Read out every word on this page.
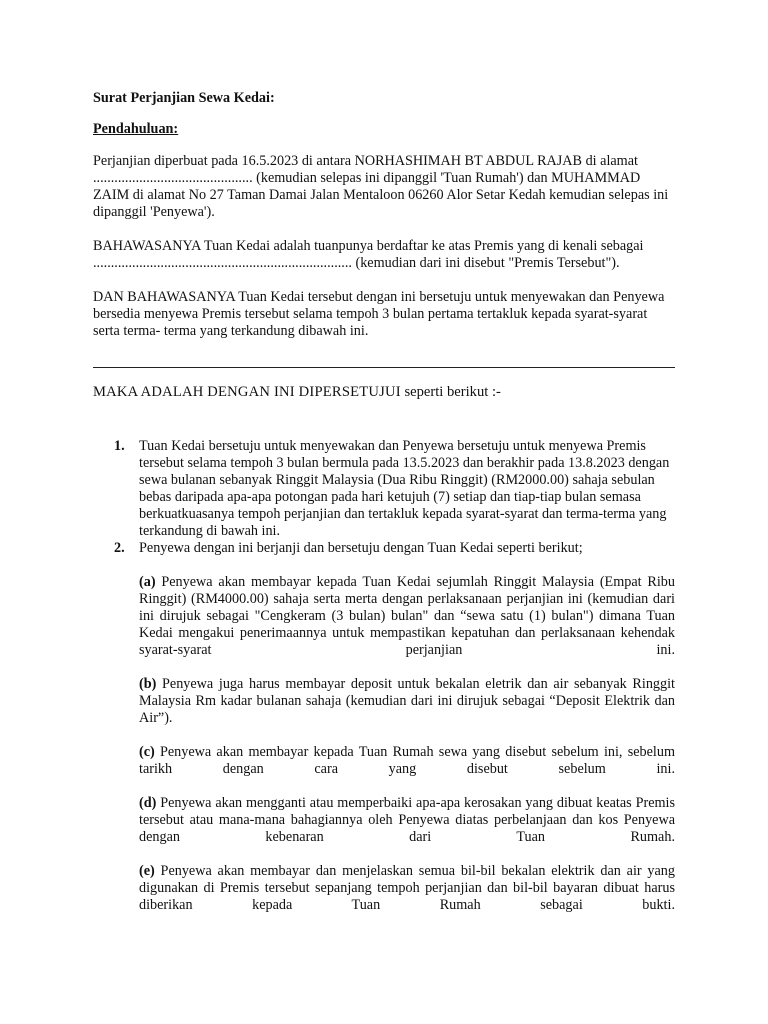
Surat Perjanjian Sewa Kedai:

Pendahuluan:

Perjanjian diperbuat pada 16.5.2023 di antara NORHASHIMAH BT ABDUL RAJAB di alamat ............................................. (kemudian selepas ini dipanggil 'Tuan Rumah') dan MUHAMMAD ZAIM di alamat No 27 Taman Damai Jalan Mentaloon 06260 Alor Setar Kedah kemudian selepas ini dipanggil 'Penyewa').

BAHAWASANYA Tuan Kedai adalah tuanpunya berdaftar ke atas Premis yang di kenali sebagai ......................................................................... (kemudian dari ini disebut "Premis Tersebut").

DAN BAHAWASANYA Tuan Kedai tersebut dengan ini bersetuju untuk menyewakan dan Penyewa bersedia menyewa Premis tersebut selama tempoh 3 bulan pertama tertakluk kepada syarat-syarat serta terma- terma yang terkandung dibawah ini.

MAKA ADALAH DENGAN INI DIPERSETUJUI seperti berikut :-

1. Tuan Kedai bersetuju untuk menyewakan dan Penyewa bersetuju untuk menyewa Premis tersebut selama tempoh 3 bulan bermula pada 13.5.2023 dan berakhir pada 13.8.2023 dengan sewa bulanan sebanyak Ringgit Malaysia (Dua Ribu Ringgit) (RM2000.00) sahaja sebulan bebas daripada apa-apa potongan pada hari ketujuh (7) setiap dan tiap-tiap bulan semasa berkuatkuasanya tempoh perjanjian dan tertakluk kepada syarat-syarat dan terma-terma yang terkandung di bawah ini.
2. Penyewa dengan ini berjanji dan bersetuju dengan Tuan Kedai seperti berikut;

(a) Penyewa akan membayar kepada Tuan Kedai sejumlah Ringgit Malaysia (Empat Ribu Ringgit) (RM4000.00) sahaja serta merta dengan perlaksanaan perjanjian ini (kemudian dari ini dirujuk sebagai "Cengkeram (3 bulan) bulan" dan “sewa satu (1) bulan") dimana Tuan Kedai mengakui penerimaannya untuk mempastikan kepatuhan dan perlaksanaan kehendak syarat-syarat perjanjian ini.

(b) Penyewa juga harus membayar deposit untuk bekalan eletrik dan air sebanyak Ringgit Malaysia Rm kadar bulanan sahaja (kemudian dari ini dirujuk sebagai “Deposit Elektrik dan Air”).

(c) Penyewa akan membayar kepada Tuan Rumah sewa yang disebut sebelum ini, sebelum tarikh dengan cara yang disebut sebelum ini.

(d) Penyewa akan mengganti atau memperbaiki apa-apa kerosakan yang dibuat keatas Premis tersebut atau mana-mana bahagiannya oleh Penyewa diatas perbelanjaan dan kos Penyewa dengan kebenaran dari Tuan Rumah.

(e) Penyewa akan membayar dan menjelaskan semua bil-bil bekalan elektrik dan air yang digunakan di Premis tersebut sepanjang tempoh perjanjian dan bil-bil bayaran dibuat harus diberikan kepada Tuan Rumah sebagai bukti.
